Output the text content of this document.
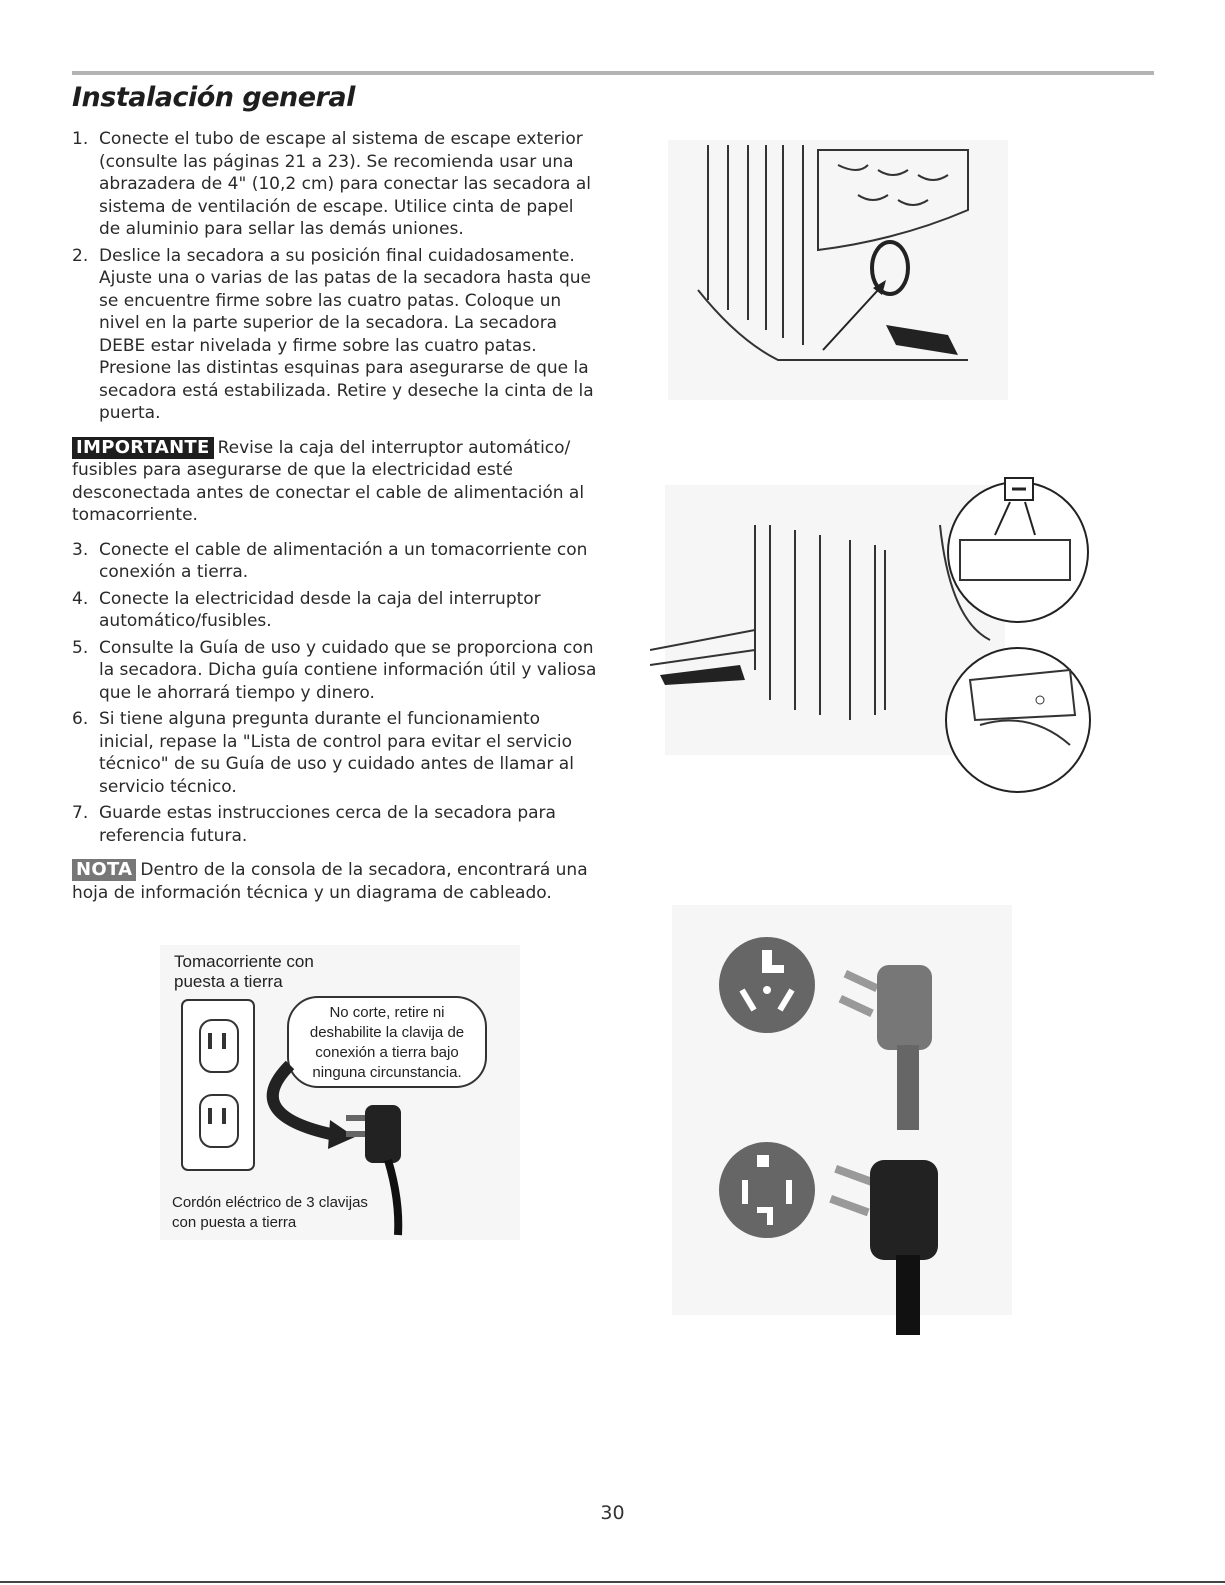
Instalación general
1. Conecte el tubo de escape al sistema de escape exterior (consulte las páginas 21 a 23). Se recomienda usar una abrazadera de 4" (10,2 cm) para conectar las secadora al sistema de ventilación de escape. Utilice cinta de papel de aluminio para sellar las demás uniones.
2. Deslice la secadora a su posición final cuidadosamente. Ajuste una o varias de las patas de la secadora hasta que se encuentre firme sobre las cuatro patas. Coloque un nivel en la parte superior de la secadora. La secadora DEBE estar nivelada y firme sobre las cuatro patas. Presione las distintas esquinas para asegurarse de que la secadora está estabilizada. Retire y deseche la cinta de la puerta.

IMPORTANTE Revise la caja del interruptor automático/ fusibles para asegurarse de que la electricidad esté desconectada antes de conectar el cable de alimentación al tomacorriente.

3. Conecte el cable de alimentación a un tomacorriente con conexión a tierra.
4. Conecte la electricidad desde la caja del interruptor automático/fusibles.
5. Consulte la Guía de uso y cuidado que se proporciona con la secadora. Dicha guía contiene información útil y valiosa que le ahorrará tiempo y dinero.
6. Si tiene alguna pregunta durante el funcionamiento inicial, repase la "Lista de control para evitar el servicio técnico" de su Guía de uso y cuidado antes de llamar al servicio técnico.
7. Guarde estas instrucciones cerca de la secadora para referencia futura.

NOTA Dentro de la consola de la secadora, encontrará una hoja de información técnica y un diagrama de cableado.

Tomacorriente con
puesta a tierra
No corte, retire ni
deshabilite la clavija de
conexión a tierra bajo
ninguna circunstancia.
Cordón eléctrico de 3 clavijas
con puesta a tierra
30
